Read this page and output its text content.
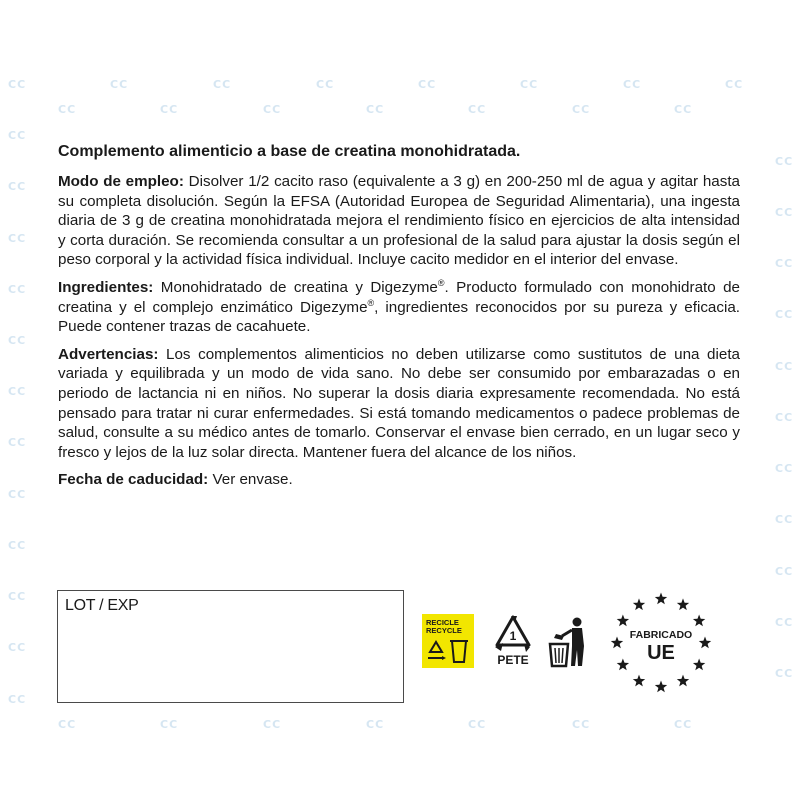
CC	CC	CC	CC	CC	CC	CC	CC
CC	CC	CC	CC	CC	CC	CC
CC
CC
CC
CC
CC
CC
CC
CC
CC
CC
CC
CC
CC
CC
CC
CC
CC
CC
CC
CC
CC
CC
CC
CC	CC	CC	CC	CC	CC	CC
Complemento alimenticio a base de creatina monohidratada.

Modo de empleo: Disolver 1/2 cacito raso (equivalente a 3 g) en 200-250 ml de agua y agitar hasta su completa disolución. Según la EFSA (Autoridad Europea de Seguridad Alimentaria), una ingesta diaria de 3 g de creatina monohidratada mejora el rendimiento físico en ejercicios de alta intensidad y corta duración. Se recomienda consultar a un profesional de la salud para ajustar la dosis según el peso corporal y la actividad física individual. Incluye cacito medidor en el interior del envase.

Ingredientes: Monohidratado de creatina y Digezyme®. Producto formulado con monohidrato de creatina y el complejo enzimático Digezyme®, ingredientes reconocidos por su pureza y eficacia. Puede contener trazas de cacahuete.

Advertencias: Los complementos alimenticios no deben utilizarse como sustitutos de una dieta variada y equilibrada y un modo de vida sano. No debe ser consumido por embarazadas o en periodo de lactancia ni en niños. No superar la dosis diaria expresamente recomendada. No está pensado para tratar ni curar enfermedades. Si está tomando medicamentos o padece problemas de salud, consulte a su médico antes de tomarlo. Conservar el envase bien cerrado, en un lugar seco y fresco y lejos de la luz solar directa. Mantener fuera del alcance de los niños.

Fecha de caducidad: Ver envase.

LOT / EXP
RECICLE
RECYCLE	1
PETE
FABRICADO
UE
